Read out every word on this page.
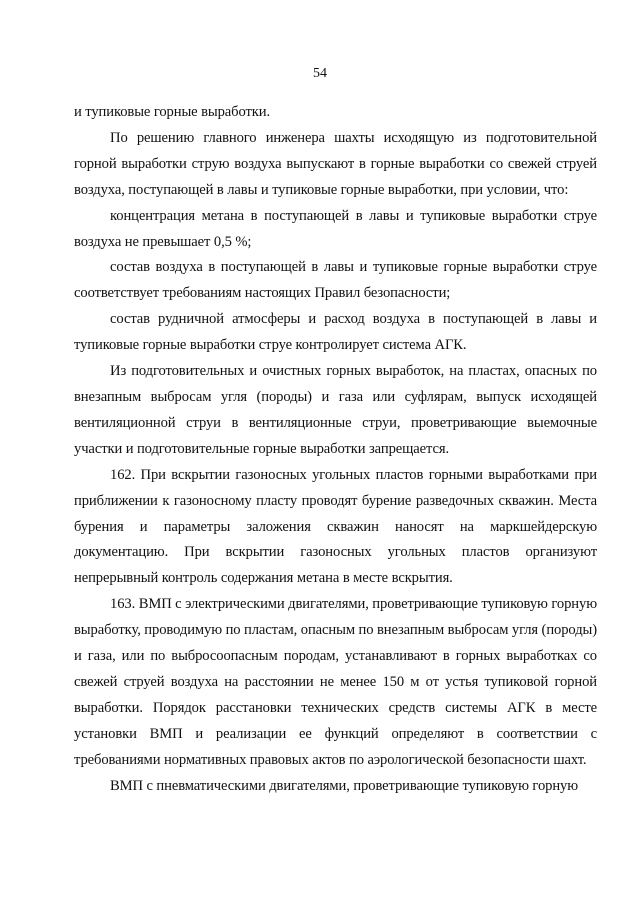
54

и тупиковые горные выработки.

По решению главного инженера шахты исходящую из подготовительной горной выработки струю воздуха выпускают в горные выработки со свежей струей воздуха, поступающей в лавы и тупиковые горные выработки, при условии, что:

концентрация метана в поступающей в лавы и тупиковые выработки струе воздуха не превышает 0,5 %;

состав воздуха в поступающей в лавы и тупиковые горные выработки струе соответствует требованиям настоящих Правил безопасности;

состав рудничной атмосферы и расход воздуха в поступающей в лавы и тупиковые горные выработки струе контролирует система АГК.

Из подготовительных и очистных горных выработок, на пластах, опасных по внезапным выбросам угля (породы) и газа или суфлярам, выпуск исходящей вентиляционной струи в вентиляционные струи, проветривающие выемочные участки и подготовительные горные выработки запрещается.

162. При вскрытии газоносных угольных пластов горными выработками при приближении к газоносному пласту проводят бурение разведочных скважин. Места бурения и параметры заложения скважин наносят на маркшейдерскую документацию. При вскрытии газоносных угольных пластов организуют непрерывный контроль содержания метана в месте вскрытия.

163. ВМП с электрическими двигателями, проветривающие тупиковую горную выработку, проводимую по пластам, опасным по внезапным выбросам угля (породы) и газа, или по выбросоопасным породам, устанавливают в горных выработках со свежей струей воздуха на расстоянии не менее 150 м от устья тупиковой горной выработки. Порядок расстановки технических средств системы АГК в месте установки ВМП и реализации ее функций определяют в соответствии с требованиями нормативных правовых актов по аэрологической безопасности шахт.

ВМП с пневматическими двигателями, проветривающие тупиковую горную
